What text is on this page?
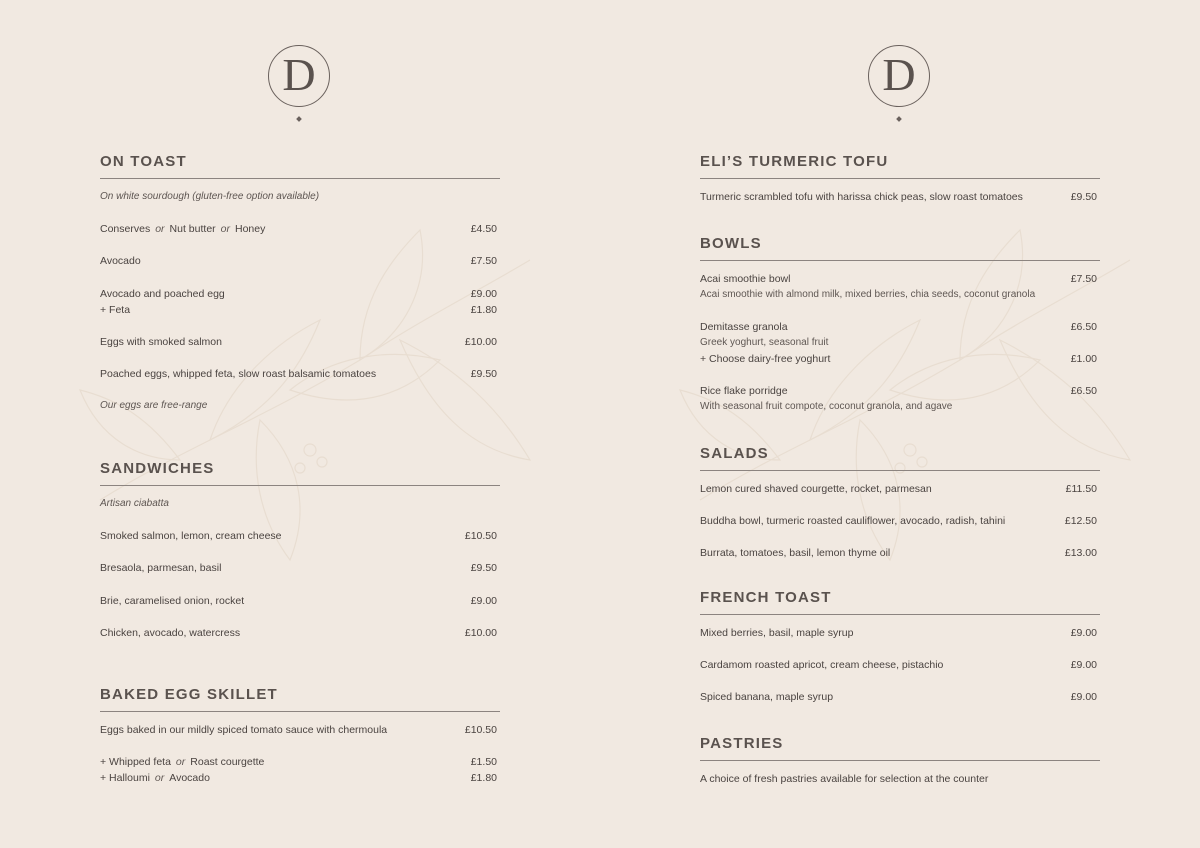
D
ON TOAST
On white sourdough (gluten-free option available)
Conserves or Nut butter or Honey	£4.50
Avocado	£7.50
Avocado and poached egg	£9.00
+ Feta	£1.80
Eggs with smoked salmon	£10.00
Poached eggs, whipped feta, slow roast balsamic tomatoes	£9.50
Our eggs are free-range
SANDWICHES
Artisan ciabatta
Smoked salmon, lemon, cream cheese	£10.50
Bresaola, parmesan, basil	£9.50
Brie, caramelised onion, rocket	£9.00
Chicken, avocado, watercress	£10.00
BAKED EGG SKILLET
Eggs baked in our mildly spiced tomato sauce with chermoula	£10.50
+ Whipped feta or Roast courgette	£1.50
+ Halloumi or Avocado	£1.80
D
ELI’S TURMERIC TOFU
Turmeric scrambled tofu with harissa chick peas, slow roast tomatoes	£9.50
BOWLS
Acai smoothie bowl	£7.50
Acai smoothie with almond milk, mixed berries, chia seeds, coconut granola
Demitasse granola	£6.50
Greek yoghurt, seasonal fruit
+ Choose dairy-free yoghurt	£1.00
Rice flake porridge	£6.50
With seasonal fruit compote, coconut granola, and agave
SALADS
Lemon cured shaved courgette, rocket, parmesan	£11.50
Buddha bowl, turmeric roasted cauliflower, avocado, radish, tahini	£12.50
Burrata, tomatoes, basil, lemon thyme oil	£13.00
FRENCH TOAST
Mixed berries, basil, maple syrup	£9.00
Cardamom roasted apricot, cream cheese, pistachio	£9.00
Spiced banana, maple syrup	£9.00
PASTRIES
A choice of fresh pastries available for selection at the counter
